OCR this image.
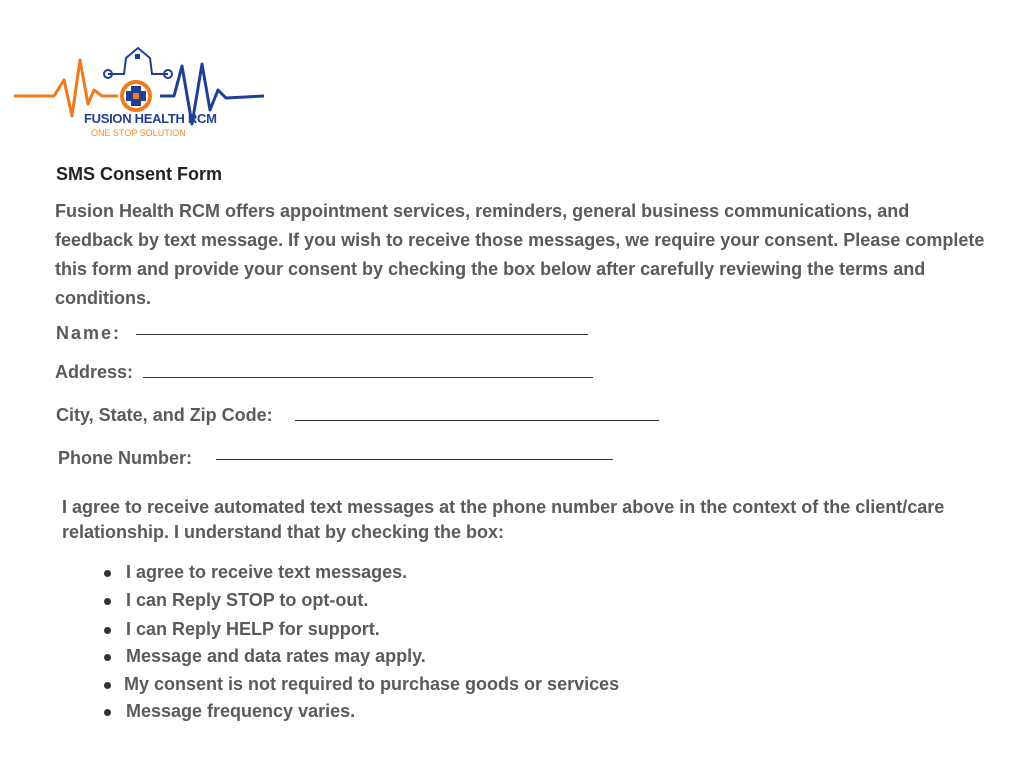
FUSION HEALTH RCM
ONE STOP SOLUTION
SMS Consent Form
Fusion Health RCM offers appointment services, reminders, general business communications, and feedback by text message. If you wish to receive those messages, we require your consent. Please complete this form and provide your consent by checking the box below after carefully reviewing the terms and conditions.
Name:
Address:
City, State, and Zip Code:
Phone Number:
I agree to receive automated text messages at the phone number above in the context of the client/care relationship. I understand that by checking the box:
I agree to receive text messages.
I can Reply STOP to opt-out.
I can Reply HELP for support.
Message and data rates may apply.
My consent is not required to purchase goods or services
Message frequency varies.
